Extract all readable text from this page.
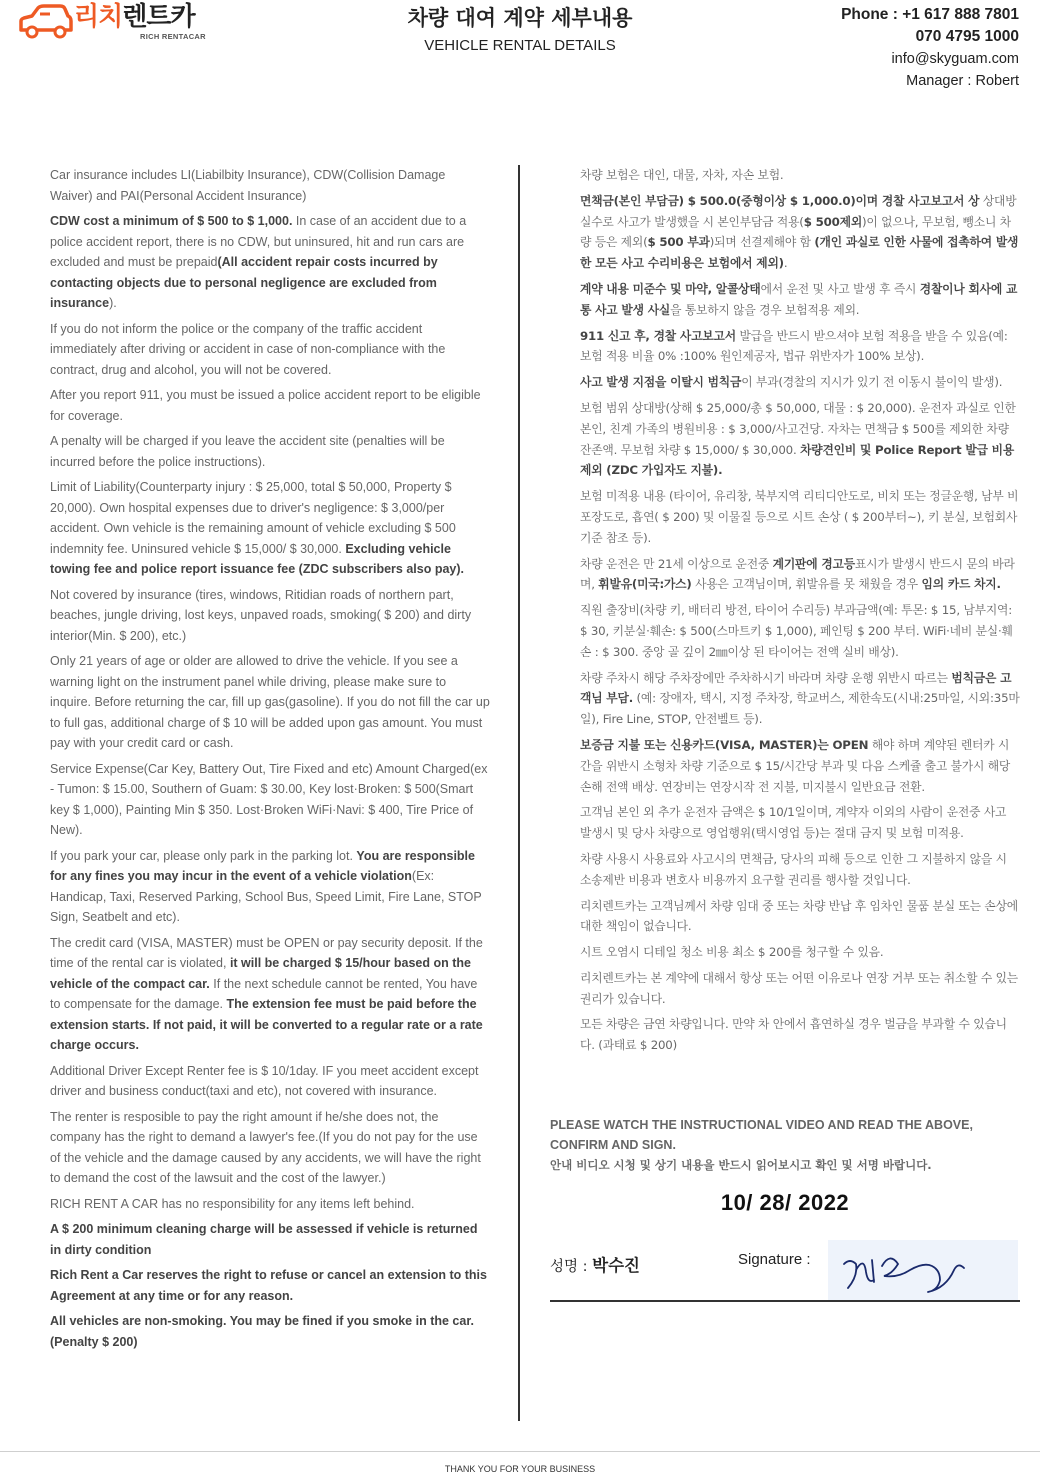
리치렌트카
RICH RENTACAR
차량 대여 계약 세부내용
VEHICLE RENTAL DETAILS
Phone : +1 617 888 7801
070 4795 1000
info@skyguam.com
Manager : Robert

Car insurance includes LI(Liabilbity Insurance), CDW(Collision Damage Waiver) and PAI(Personal Accident Insurance)

CDW cost a minimum of $ 500 to $ 1,000. In case of an accident due to a police accident report, there is no CDW, but uninsured, hit and run cars are excluded and must be prepaid(All accident repair costs incurred by contacting objects due to personal negligence are excluded from insurance).

If you do not inform the police or the company of the traffic accident immediately after driving or accident in case of non-compliance with the contract, drug and alcohol, you will not be covered.

After you report 911, you must be issued a police accident report to be eligible for coverage.

A penalty will be charged if you leave the accident site (penalties will be incurred before the police instructions).

Limit of Liability(Counterparty injury : $ 25,000, total $ 50,000, Property $ 20,000). Own hospital expenses due to driver's negligence: $ 3,000/per accident. Own vehicle is the remaining amount of vehicle excluding $ 500 indemnity fee. Uninsured vehicle $ 15,000/ $ 30,000. Excluding vehicle towing fee and police report issuance fee (ZDC subscribers also pay).

Not covered by insurance (tires, windows, Ritidian roads of northern part, beaches, jungle driving, lost keys, unpaved roads, smoking( $ 200) and dirty interior(Min. $ 200), etc.)

Only 21 years of age or older are allowed to drive the vehicle. If you see a warning light on the instrument panel while driving, please make sure to inquire. Before returning the car, fill up gas(gasoline). If you do not fill the car up to full gas, additional charge of $ 10 will be added upon gas amount. You must pay with your credit card or cash.

Service Expense(Car Key, Battery Out, Tire Fixed and etc) Amount Charged(ex - Tumon: $ 15.00, Southern of Guam: $ 30.00, Key lost·Broken: $ 500(Smart key $ 1,000), Painting Min $ 350. Lost·Broken WiFi·Navi: $ 400, Tire Price of New).

If you park your car, please only park in the parking lot. You are responsible for any fines you may incur in the event of a vehicle violation(Ex: Handicap, Taxi, Reserved Parking, School Bus, Speed Limit, Fire Lane, STOP Sign, Seatbelt and etc).

The credit card (VISA, MASTER) must be OPEN or pay security deposit. If the time of the rental car is violated, it will be charged $ 15/hour based on the vehicle of the compact car. If the next schedule cannot be rented, You have to compensate for the damage. The extension fee must be paid before the extension starts. If not paid, it will be converted to a regular rate or a rate charge occurs.

Additional Driver Except Renter fee is $ 10/1day. IF you meet accident except driver and business conduct(taxi and etc), not covered with insurance.

The renter is resposible to pay the right amount if he/she does not, the company has the right to demand a lawyer's fee.(If you do not pay for the use of the vehicle and the damage caused by any accidents, we will have the right to demand the cost of the lawsuit and the cost of the lawyer.)

RICH RENT A CAR has no responsibility for any items left behind.

A $ 200 minimum cleaning charge will be assessed if vehicle is returned in dirty condition

Rich Rent a Car reserves the right to refuse or cancel an extension to this Agreement at any time or for any reason.

All vehicles are non-smoking. You may be fined if you smoke in the car. (Penalty $ 200)

차량 보험은 대인, 대물, 자차, 자손 보험.

면책금(본인 부담금) $ 500.0(중형이상 $ 1,000.0)이며 경찰 사고보고서 상 상대방 실수로 사고가 발생했을 시 본인부담금 적용($ 500제외)이 없으나, 무보험, 뺑소니 차량 등은 제외($ 500 부과)되며 선결제해야 함 (개인 과실로 인한 사물에 접촉하여 발생한 모든 사고 수리비용은 보험에서 제외).

계약 내용 미준수 및 마약, 알콜상태에서 운전 및 사고 발생 후 즉시 경찰이나 회사에 교통 사고 발생 사실을 통보하지 않을 경우 보험적용 제외.

911 신고 후, 경찰 사고보고서 발급을 반드시 받으셔야 보험 적용을 받을 수 있음(예: 보험 적용 비율 0% :100% 원인제공자, 법규 위반자가 100% 보상).

사고 발생 지점을 이탈시 범칙금이 부과(경찰의 지시가 있기 전 이동시 불이익 발생).

보험 범위 상대방(상해 $ 25,000/총 $ 50,000, 대물 : $ 20,000). 운전자 과실로 인한 본인, 친계 가족의 병원비용 : $ 3,000/사고건당. 자차는 면책금 $ 500를 제외한 차량 잔존액. 무보험 차량 $ 15,000/ $ 30,000. 차량견인비 및 Police Report 발급 비용 제외 (ZDC 가입자도 지불).

보험 미적용 내용 (타이어, 유리창, 북부지역 리티디안도로, 비치 또는 정글운행, 남부 비포장도로, 흡연( $ 200) 및 이물질 등으로 시트 손상 ( $ 200부터~), 키 분실, 보험회사 기준 참조 등).

차량 운전은 만 21세 이상으로 운전중 계기판에 경고등표시가 발생시 반드시 문의 바라며, 휘발유(미국:가스) 사용은 고객님이며, 휘발유를 못 채웠을 경우 임의 카드 차지.

직원 출장비(차량 키, 배터리 방전, 타이어 수리등) 부과금액(예: 투몬: $ 15, 남부지역: $ 30, 키분실·훼손: $ 500(스마트키 $ 1,000), 페인팅 $ 200 부터. WiFi·네비 분실·훼손 : $ 300. 중앙 골 깊이 2㎜이상 된 타이어는 전액 실비 배상).

차량 주차시 해당 주차장에만 주차하시기 바라며 차량 운행 위반시 따르는 범칙금은 고객님 부담. (예: 장애자, 택시, 지정 주차장, 학교버스, 제한속도(시내:25마일, 시외:35마일), Fire Line, STOP, 안전벨트 등).

보증금 지불 또는 신용카드(VISA, MASTER)는 OPEN 해야 하며 계약된 렌터카 시간을 위반시 소형차 차량 기준으로 $ 15/시간당 부과 및 다음 스케쥴 출고 불가시 해당 손해 전액 배상. 연장비는 연장시작 전 지불, 미지불시 일반요금 전환.

고객님 본인 외 추가 운전자 금액은 $ 10/1일이며, 계약자 이외의 사람이 운전중 사고 발생시 및 당사 차량으로 영업행위(택시영업 등)는 절대 금지 및 보험 미적용.

차량 사용시 사용료와 사고시의 면책금, 당사의 피해 등으로 인한 그 지불하지 않을 시 소송제반 비용과 변호사 비용까지 요구할 권리를 행사할 것입니다.

리치렌트카는 고객님께서 차량 임대 중 또는 차량 반납 후 임차인 물품 분실 또는 손상에 대한 책임이 없습니다.

시트 오염시 디테일 청소 비용 최소 $ 200를 청구할 수 있음.

리치렌트카는 본 계약에 대해서 항상 또는 어떤 이유로나 연장 거부 또는 취소할 수 있는 권리가 있습니다.

모든 차량은 금연 차량입니다. 만약 차 안에서 흡연하실 경우 벌금을 부과할 수 있습니다. (과태료 $ 200)

PLEASE WATCH THE INSTRUCTIONAL VIDEO AND READ THE ABOVE, CONFIRM AND SIGN.
안내 비디오 시청 및 상기 내용을 반드시 읽어보시고 확인 및 서명 바랍니다.
10/ 28/ 2022
성명 : 박수진	Signature :
THANK YOU FOR YOUR BUSINESS
